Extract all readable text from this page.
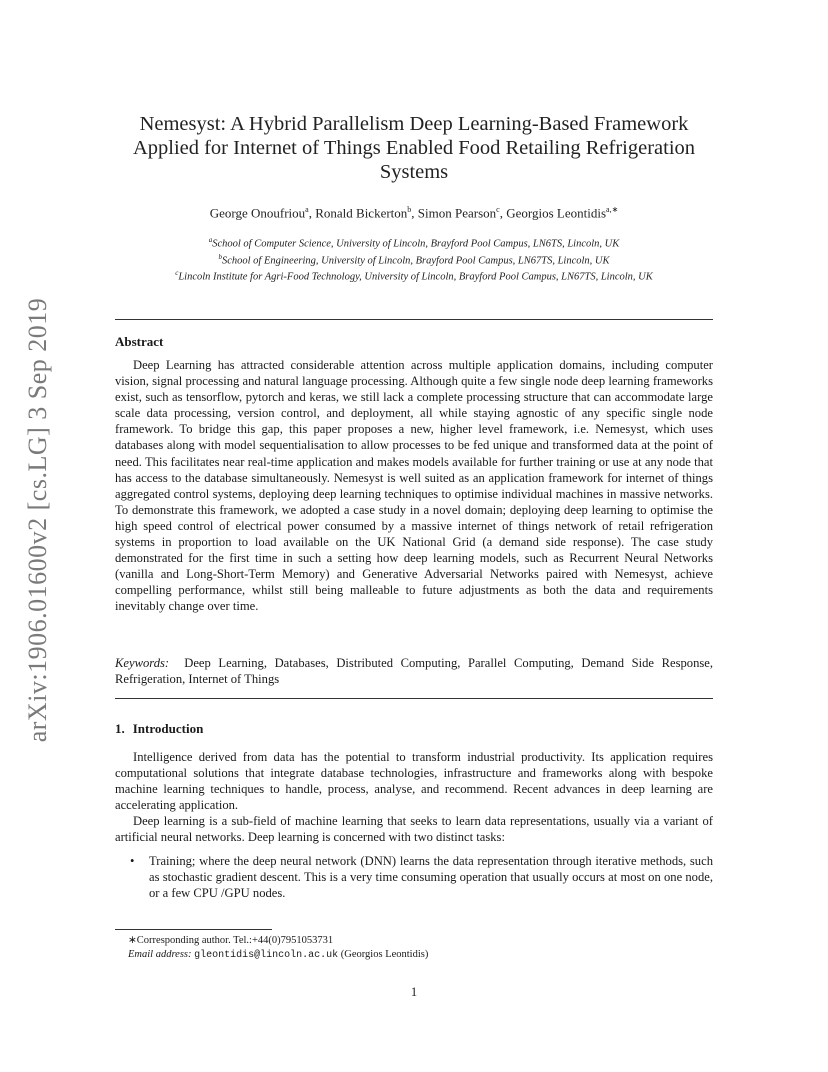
arXiv:1906.01600v2 [cs.LG] 3 Sep 2019
Nemesyst: A Hybrid Parallelism Deep Learning-Based Framework
Applied for Internet of Things Enabled Food Retailing Refrigeration
Systems
George Onoufriou$^a$, Ronald Bickerton$^b$, Simon Pearson$^c$, Georgios Leontidis$^{a,∗}$
$^a$School of Computer Science, University of Lincoln, Brayford Pool Campus, LN6TS, Lincoln, UK
$^b$School of Engineering, University of Lincoln, Brayford Pool Campus, LN67TS, Lincoln, UK
$^c$Lincoln Institute for Agri-Food Technology, University of Lincoln, Brayford Pool Campus, LN67TS, Lincoln, UK
Abstract
Deep Learning has attracted considerable attention across multiple application domains, including computer vision, signal processing and natural language processing. Although quite a few single node deep learning frameworks exist, such as tensorflow, pytorch and keras, we still lack a complete processing structure that can accommodate large scale data processing, version control, and deployment, all while staying agnostic of any specific single node framework. To bridge this gap, this paper proposes a new, higher level framework, i.e. Nemesyst, which uses databases along with model sequentialisation to allow processes to be fed unique and transformed data at the point of need. This facilitates near real-time application and makes models available for further training or use at any node that has access to the database simultaneously. Nemesyst is well suited as an application framework for internet of things aggregated control systems, deploying deep learning techniques to optimise individual machines in massive networks. To demonstrate this framework, we adopted a case study in a novel domain; deploying deep learning to optimise the high speed control of electrical power consumed by a massive internet of things network of retail refrigeration systems in proportion to load available on the UK National Grid (a demand side response). The case study demonstrated for the first time in such a setting how deep learning models, such as Recurrent Neural Networks (vanilla and Long-Short-Term Memory) and Generative Adversarial Networks paired with Nemesyst, achieve compelling performance, whilst still being malleable to future adjustments as both the data and requirements inevitably change over time.
Keywords: Deep Learning, Databases, Distributed Computing, Parallel Computing, Demand Side Response, Refrigeration, Internet of Things
1. Introduction
Intelligence derived from data has the potential to transform industrial productivity. Its application requires computational solutions that integrate database technologies, infrastructure and frameworks along with bespoke machine learning techniques to handle, process, analyse, and recommend. Recent advances in deep learning are accelerating application.
Deep learning is a sub-field of machine learning that seeks to learn data representations, usually via a variant of artificial neural networks. Deep learning is concerned with two distinct tasks:
• Training; where the deep neural network (DNN) learns the data representation through iterative methods, such as stochastic gradient descent. This is a very time consuming operation that usually occurs at most on one node, or a few CPU /GPU nodes.
∗Corresponding author. Tel.:+44(0)7951053731
Email address: gleontidis@lincoln.ac.uk (Georgios Leontidis)
1
